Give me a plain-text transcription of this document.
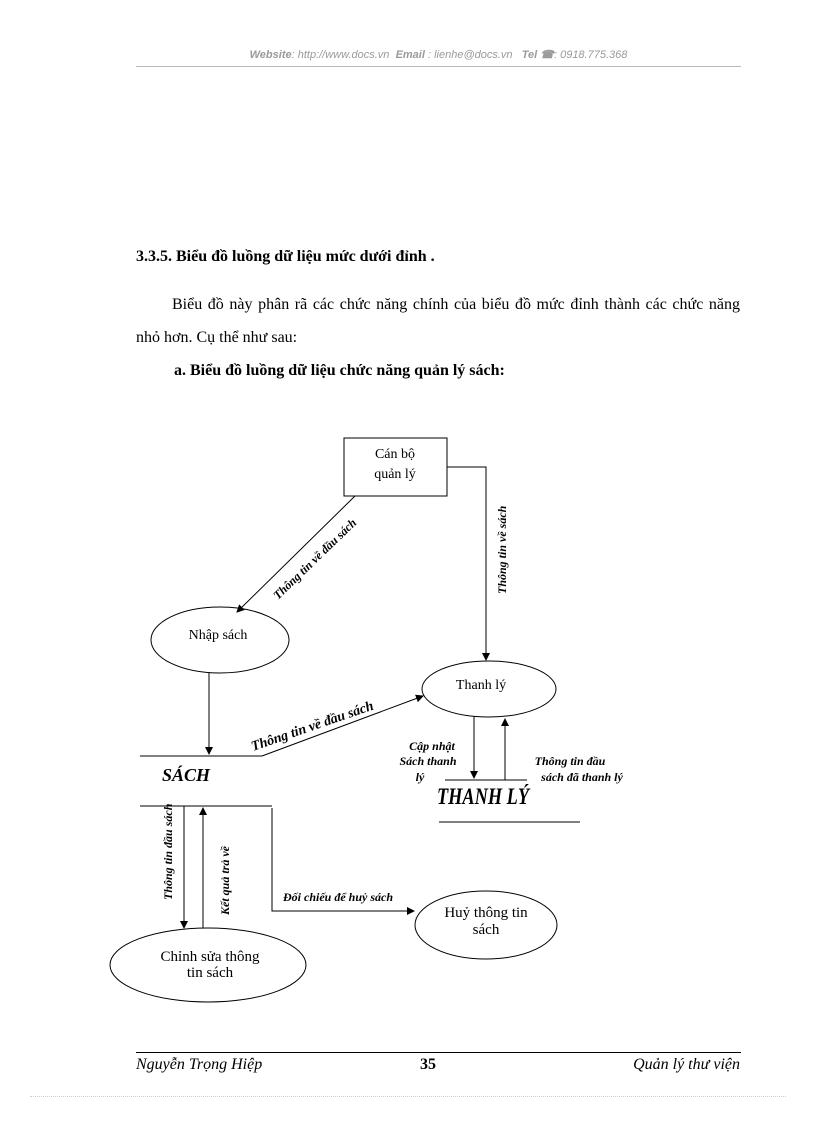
Website: http://www.docs.vn Email : lienhe@docs.vn Tel ☎: 0918.775.368
3.3.5. Biểu đồ luồng dữ liệu mức dưới đỉnh .

Biểu đồ này phân rã các chức năng chính của biểu đồ mức đỉnh thành các chức năng nhỏ hơn. Cụ thể như sau:

a. Biểu đồ luồng dữ liệu chức năng quản lý sách:
Cán bộ
quản lý
Nhập sách
Thanh lý
Chỉnh sửa thông
tin sách
Huỷ thông tin
sách
SÁCH
THANH LÝ
Thông tin về đầu sách	Thông tin về sách
Thông tin về đầu sách	Cập nhật
Sách thanh
lý
Thông tin đầu
sách đã thanh lý
Thông tin đầu sách	Kết quả trả về	Đối chiếu để huỷ sách
Nguyễn Trọng Hiệp	35	Quản lý thư viện
